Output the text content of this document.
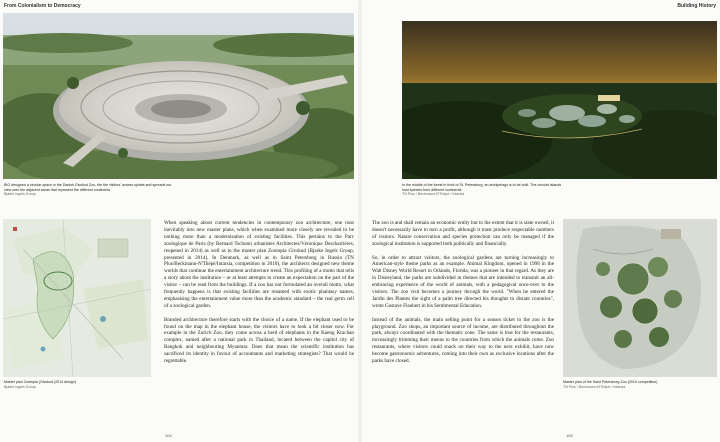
From Colonialism to Democracy	Building History
BIG designed a circular space in the Danish Givskud Zoo, the the visitors' access spirals and spreads our view onto the adjacent areas that represent the different continents
Bjarke Ingels Group
In the middle of the forest in front of St. Petersburg, an archipelago is to be built. The circular islands host species from different continents
TN Plus / Beckmann-N'Thépé / Intarsia
Master plan Zootopia (Givskud (2014 design)
Bjarke Ingels Group

When speaking about current tendencies in contemporary zoo architecture, one runs inevitably into new master plans, which when examined more closely are revealed to be nothing more than a modernisation of existing facilities. This pertains to the Parc zoologique de Paris (by Bernard Tschumi urbanistes Architectes/Véronique Descharrières, reopened in 2014) as well as to the master plan Zootopia Givskud (Bjarke Ingels Group, presented in 2014). In Denmark, as well as in Saint Petersburg in Russia (TN Plus/Beckmann-N'Thépé/Intarsia, competition in 2010), the architects designed new theme worlds that continue the entertainment architecture trend. This profiling of a motto that tells a story about the institution – or at least attempts to create an expectation on the part of the visitor – can be read from the buildings. If a zoo has not formulated an overall motto, what frequently happens is that existing facilities are renamed with exotic phantasy names, emphasising the entertainment value more than the academic standard – the real germ cell of a zoological garden.

Branded architecture therefore starts with the choice of a name. If the elephant used to be found on the map in the elephant house, the visitors have to look a bit closer now. For example in the Zurich Zoo, they come across a herd of elephants in the Kaeng Krachan complex, named after a national park in Thailand, located between the capitol city of Bangkok and neighbouring Myanmar. Does that mean the scientific institution has sacrificed its identity in favour of accountants and marketing strategists? That would be regrettable.

The zoo is and shall remain an economic entity but to the extent that it is state owned, it doesn't necessarily have to turn a profit, although it must produce respectable numbers of visitors. Nature conservation and species protection can only be managed if the zoological institution is supported both politically and financially.

So, in order to attract visitors, the zoological gardens are turning increasingly to American-style theme parks as an example. Animal Kingdom, opened in 1998 in the Walt Disney World Resort in Orlando, Florida, was a pioneer in that regard. As they are in Disneyland, the parks are subdivided in themes that are intended to transmit an all-embracing experience of the world of animals, with a pedagogical once-over to the visitors. The zoo visit becomes a journey through the world. "When he entered the Jardin des Plantes the sight of a palm tree directed his thoughts to distant countries", wrote Gustave Flaubert in his Sentimental Education.

Instead of the animals, the main selling point for a season ticket to the zoo is the playground. Zoo shops, an important source of income, are distributed throughout the park, always coordinated with the thematic zone. The same is true for the restaurants, increasingly trimming their menus to the countries from which the animals come. Zoo restaurants, where visitors could snack on their way to the next exhibit, have now become gastronomic adventures, coming into their own as exclusive locations after the parks have closed.

Master plan of the Saint Petersburg Zoo (2010 competition)
TN Plus / Beckmann-N'Thépé / Intarsia
104	105
